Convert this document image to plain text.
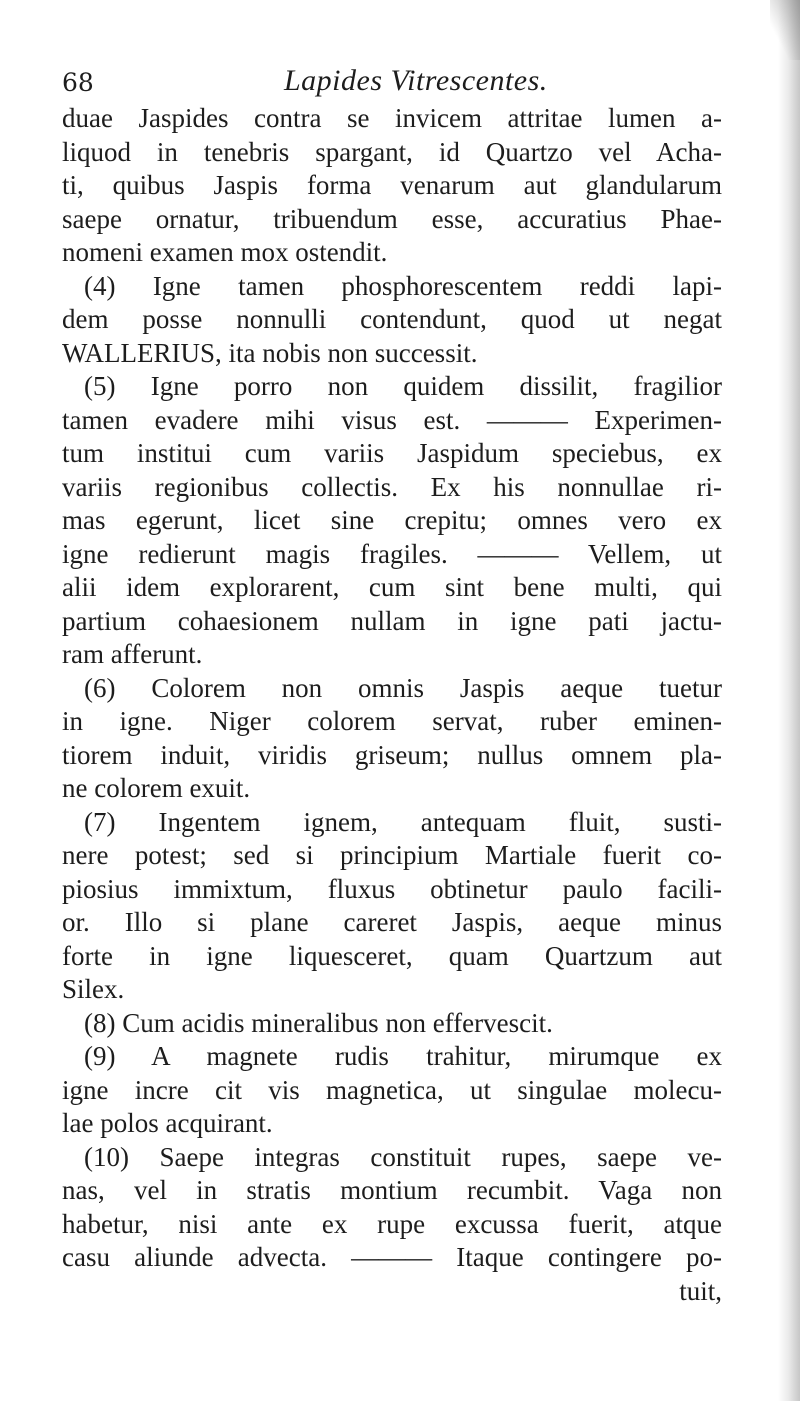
68	Lapides Vitrescentes.
duae Jaspides contra se invicem attritae lumen a-
liquod in tenebris spargant, id Quartzo vel Acha-
ti, quibus Jaspis forma venarum aut glandularum
saepe ornatur, tribuendum esse, accuratius Phae-
nomeni examen mox ostendit.
(4) Igne tamen phosphorescentem reddi lapi-
dem posse nonnulli contendunt, quod ut negat
WALLERIUS, ita nobis non successit.
(5) Igne porro non quidem dissilit, fragilior
tamen evadere mihi visus est. ——— Experimen-
tum institui cum variis Jaspidum speciebus, ex
variis regionibus collectis. Ex his nonnullae ri-
mas egerunt, licet sine crepitu; omnes vero ex
igne redierunt magis fragiles. ——— Vellem, ut
alii idem explorarent, cum sint bene multi, qui
partium cohaesionem nullam in igne pati jactu-
ram afferunt.
(6) Colorem non omnis Jaspis aeque tuetur
in igne. Niger colorem servat, ruber eminen-
tiorem induit, viridis griseum; nullus omnem pla-
ne colorem exuit.
(7) Ingentem ignem, antequam fluit, susti-
nere potest; sed si principium Martiale fuerit co-
piosius immixtum, fluxus obtinetur paulo facili-
or. Illo si plane careret Jaspis, aeque minus
forte in igne liquesceret, quam Quartzum aut
Silex.
(8) Cum acidis mineralibus non effervescit.
(9) A magnete rudis trahitur, mirumque ex
igne incre cit vis magnetica, ut singulae molecu-
lae polos acquirant.
(10) Saepe integras constituit rupes, saepe ve-
nas, vel in stratis montium recumbit. Vaga non
habetur, nisi ante ex rupe excussa fuerit, atque
casu aliunde advecta. ——— Itaque contingere po-
tuit,
